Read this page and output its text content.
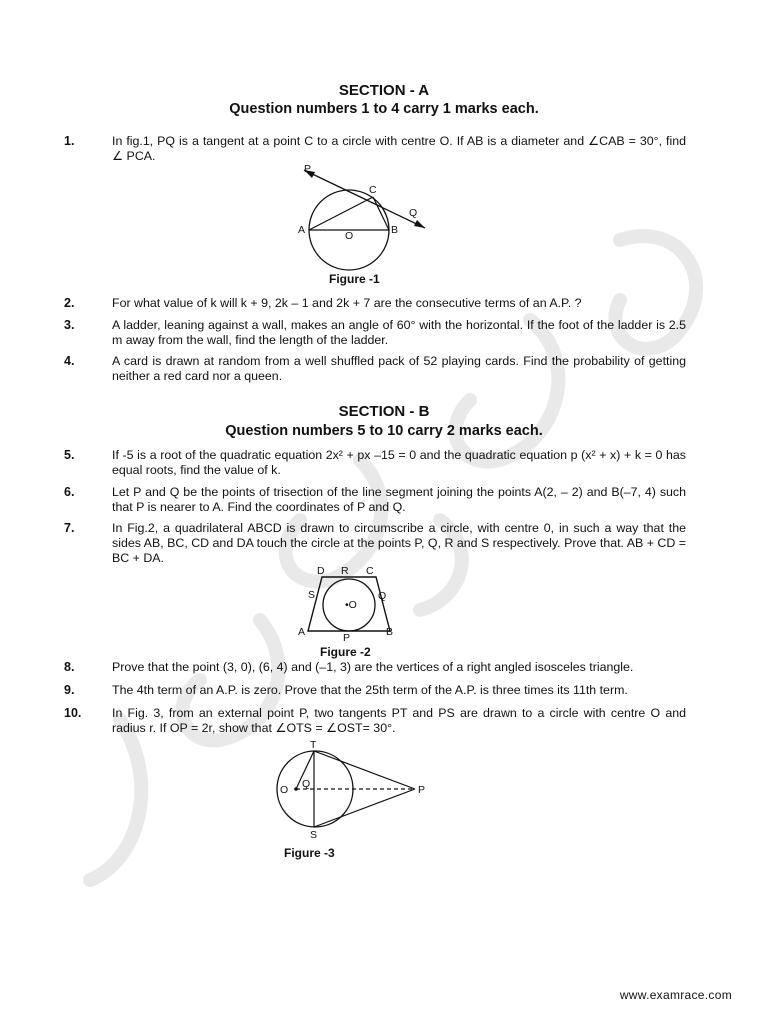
SECTION - A
Question numbers 1 to 4 carry 1 marks each.
1.	In fig.1, PQ is a tangent at a point C to a circle with centre O. If AB is a diameter and ∠CAB = 30°, find ∠ PCA.
P
C
Q
A	O	B
Figure -1
2.	For what value of k will k + 9, 2k – 1 and 2k + 7 are the consecutive terms of an A.P. ?
3.	A ladder, leaning against a wall, makes an angle of 60° with the horizontal. If the foot of the ladder is 2.5 m away from the wall, find the length of the ladder.
4.	A card is drawn at random from a well shuffled pack of 52 playing cards. Find the probability of getting neither a red card nor a queen.
SECTION - B
Question numbers 5 to 10 carry 2 marks each.
5.	If -5 is a root of the quadratic equation 2x² + px –15 = 0 and the quadratic equation p (x² + x) + k = 0 has equal roots, find the value of k.
6.	Let P and Q be the points of trisection of the line segment joining the points A(2, – 2) and B(–7, 4) such that P is nearer to A. Find the coordinates of P and Q.
7.	In Fig.2, a quadrilateral ABCD is drawn to circumscribe a circle, with centre 0, in such a way that the sides AB, BC, CD and DA touch the circle at the points P, Q, R and S respectively. Prove that. AB + CD = BC + DA.
D R C
S
•O
Q
A	P	B
Figure -2
8.	Prove that the point (3, 0), (6, 4) and (–1, 3) are the vertices of a right angled isosceles triangle.
9.	The 4th term of an A.P. is zero. Prove that the 25th term of the A.P. is three times its 11th term.
10.	In Fig. 3, from an external point P, two tangents PT and PS are drawn to a circle with centre O and radius r. If OP = 2r, show that ∠OTS = ∠OST= 30°.
T
O Q	P
S
Figure -3
www.examrace.com
